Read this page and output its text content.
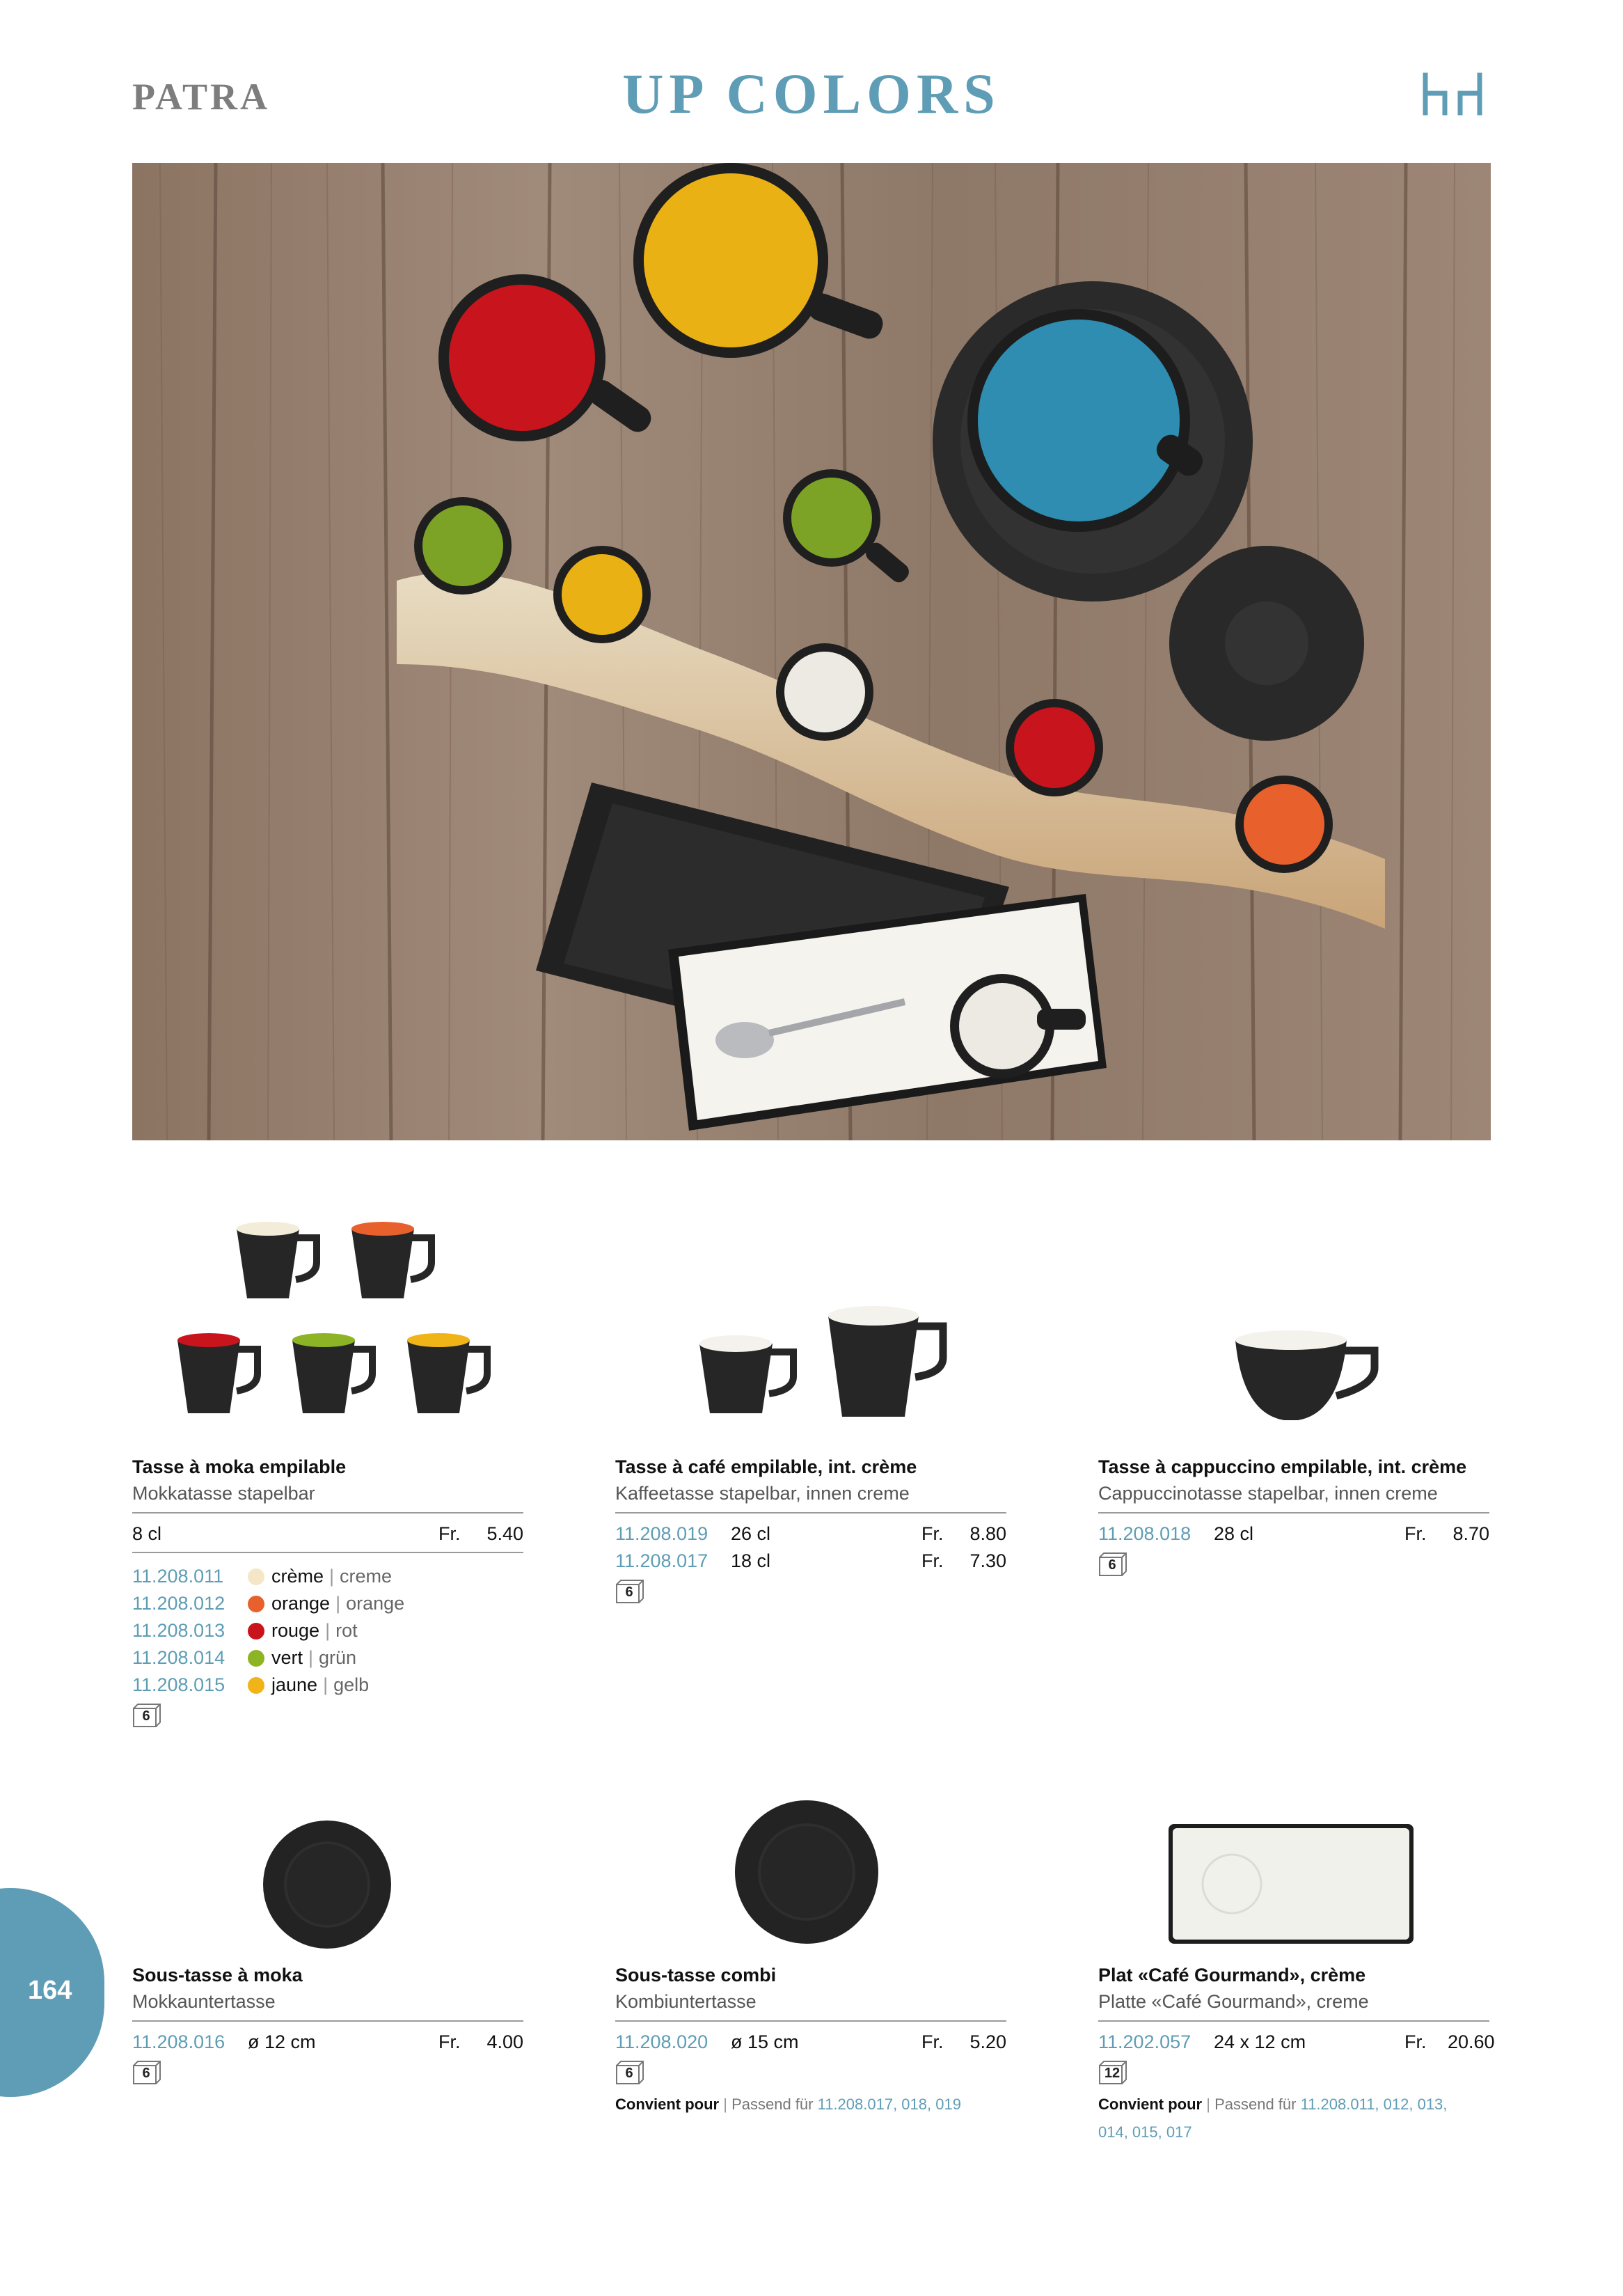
PATRA	UP COLORS
Tasse à moka empilable
Mokkatasse stapelbar
8 cl	Fr.	5.40
11.208.011	crème | creme
11.208.012	orange | orange
11.208.013	rouge | rot
11.208.014	vert | grün
11.208.015	jaune | gelb
6
Tasse à café empilable, int. crème
Kaffeetasse stapelbar, innen creme
11.208.019	26 cl	Fr.	8.80
11.208.017	18 cl	Fr.	7.30
6
Tasse à cappuccino empilable, int. crème
Cappuccinotasse stapelbar, innen creme
11.208.018	28 cl	Fr.	8.70
6
Sous-tasse à moka
Mokkauntertasse
11.208.016	ø 12 cm	Fr.	4.00
6
Sous-tasse combi
Kombiuntertasse
11.208.020	ø 15 cm	Fr.	5.20
6
Convient pour | Passend für 11.208.017, 018, 019
Plat «Café Gourmand», crème
Platte «Café Gourmand», creme
11.202.057	24 x 12 cm	Fr.	20.60
12
Convient pour | Passend für 11.208.011, 012, 013,
014, 015, 017
164
